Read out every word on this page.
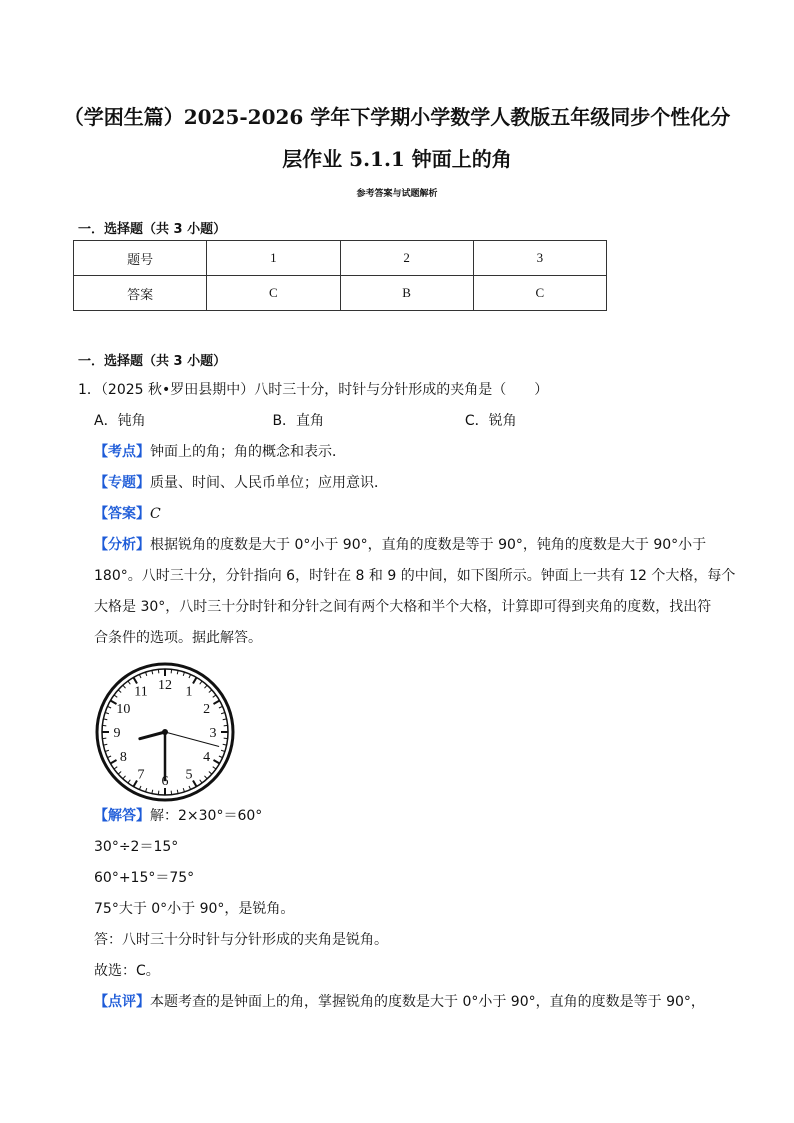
（学困生篇）2025-2026 学年下学期小学数学人教版五年级同步个性化分
层作业 5.1.1 钟面上的角
参考答案与试题解析
一．选择题（共 3 小题）
题号	1	2	3
答案	C	B	C
一．选择题（共 3 小题）
1．（2025 秋•罗田县期中）八时三十分，时针与分针形成的夹角是（　　）
A．钝角	B．直角	C．锐角
【考点】钟面上的角；角的概念和表示．
【专题】质量、时间、人民币单位；应用意识．
【答案】C
【分析】根据锐角的度数是大于 0°小于 90°，直角的度数是等于 90°，钝角的度数是大于 90°小于
180°。八时三十分，分针指向 6，时针在 8 和 9 的中间，如下图所示。钟面上一共有 12 个大格，每个
大格是 30°，八时三十分时针和分针之间有两个大格和半个大格，计算即可得到夹角的度数，找出符
合条件的选项。据此解答。
12 1
2
3
4
5
6
7
8
9
10
11
【解答】解：2×30°＝60°
30°÷2＝15°
60°+15°＝75°
75°大于 0°小于 90°，是锐角。
答：八时三十分时针与分针形成的夹角是锐角。
故选：C。
【点评】本题考查的是钟面上的角，掌握锐角的度数是大于 0°小于 90°，直角的度数是等于 90°，
